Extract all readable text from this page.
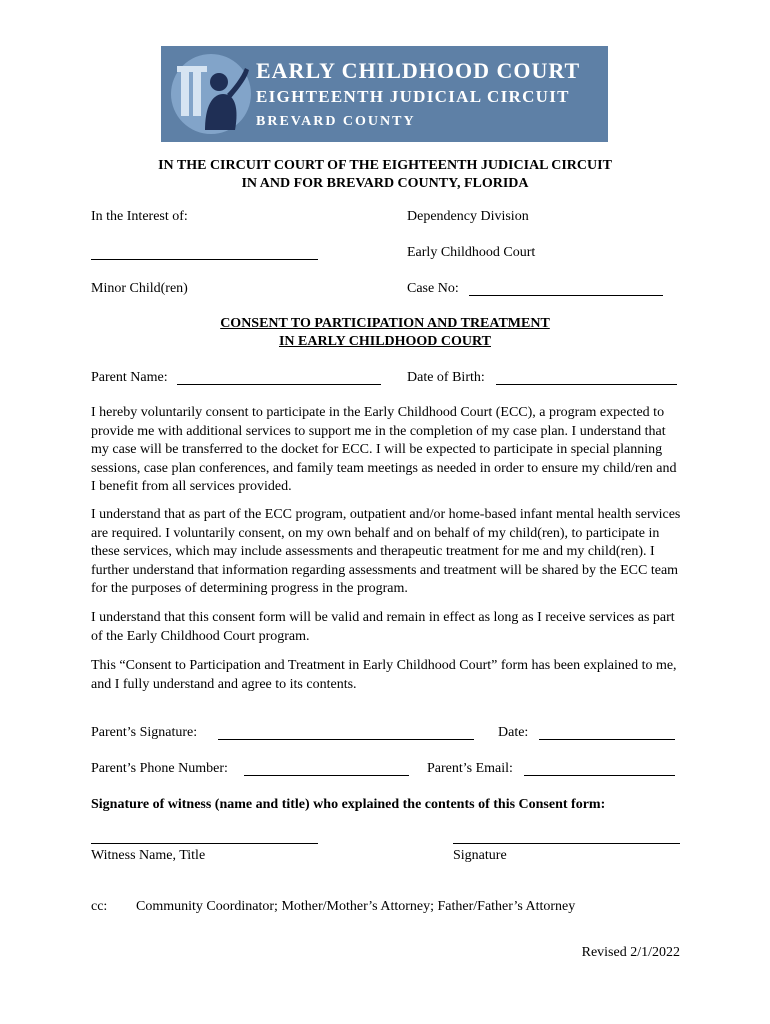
EARLY CHILDHOOD COURT
EIGHTEENTH JUDICIAL CIRCUIT
BREVARD COUNTY
IN THE CIRCUIT COURT OF THE EIGHTEENTH JUDICIAL CIRCUIT
IN AND FOR BREVARD COUNTY, FLORIDA
In the Interest of:	Dependency Division
Early Childhood Court
Minor Child(ren)	Case No:
CONSENT TO PARTICIPATION AND TREATMENT
IN EARLY CHILDHOOD COURT
Parent Name:	Date of Birth:
I hereby voluntarily consent to participate in the Early Childhood Court (ECC), a program expected to provide me with additional services to support me in the completion of my case plan. I understand that my case will be transferred to the docket for ECC. I will be expected to participate in special planning sessions, case plan conferences, and family team meetings as needed in order to ensure my child/ren and I benefit from all services provided.
I understand that as part of the ECC program, outpatient and/or home-based infant mental health services are required. I voluntarily consent, on my own behalf and on behalf of my child(ren), to participate in these services, which may include assessments and therapeutic treatment for me and my child(ren). I further understand that information regarding assessments and treatment will be shared by the ECC team for the purposes of determining progress in the program.
I understand that this consent form will be valid and remain in effect as long as I receive services as part of the Early Childhood Court program.
This “Consent to Participation and Treatment in Early Childhood Court” form has been explained to me, and I fully understand and agree to its contents.
Parent’s Signature:	Date:
Parent’s Phone Number:	Parent’s Email:
Signature of witness (name and title) who explained the contents of this Consent form:
Witness Name, Title	Signature
cc: Community Coordinator; Mother/Mother’s Attorney; Father/Father’s Attorney
Revised 2/1/2022
